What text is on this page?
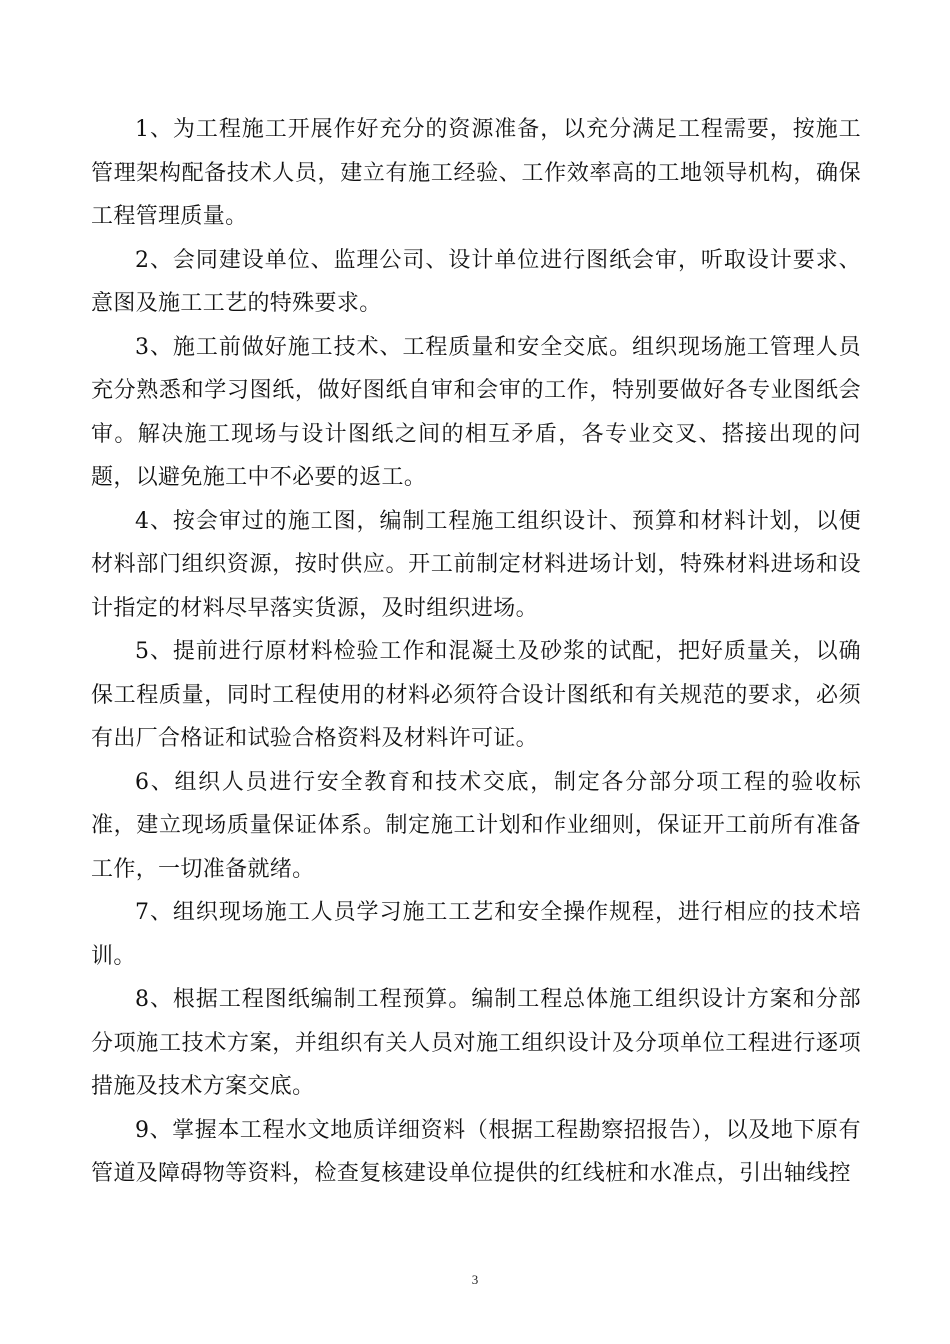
1、为工程施工开展作好充分的资源准备，以充分满足工程需要，按施工管理架构配备技术人员，建立有施工经验、工作效率高的工地领导机构，确保工程管理质量。

2、会同建设单位、监理公司、设计单位进行图纸会审，听取设计要求、意图及施工工艺的特殊要求。

3、施工前做好施工技术、工程质量和安全交底。组织现场施工管理人员充分熟悉和学习图纸，做好图纸自审和会审的工作，特别要做好各专业图纸会审。解决施工现场与设计图纸之间的相互矛盾，各专业交叉、搭接出现的问题，以避免施工中不必要的返工。

4、按会审过的施工图，编制工程施工组织设计、预算和材料计划，以便材料部门组织资源，按时供应。开工前制定材料进场计划，特殊材料进场和设计指定的材料尽早落实货源，及时组织进场。

5、提前进行原材料检验工作和混凝土及砂浆的试配，把好质量关，以确保工程质量，同时工程使用的材料必须符合设计图纸和有关规范的要求，必须有出厂合格证和试验合格资料及材料许可证。

6、组织人员进行安全教育和技术交底，制定各分部分项工程的验收标准，建立现场质量保证体系。制定施工计划和作业细则，保证开工前所有准备工作，一切准备就绪。

7、组织现场施工人员学习施工工艺和安全操作规程，进行相应的技术培训。

8、根据工程图纸编制工程预算。编制工程总体施工组织设计方案和分部分项施工技术方案，并组织有关人员对施工组织设计及分项单位工程进行逐项措施及技术方案交底。

9、掌握本工程水文地质详细资料（根据工程勘察招报告），以及地下原有管道及障碍物等资料，检查复核建设单位提供的红线桩和水准点，引出轴线控

3
